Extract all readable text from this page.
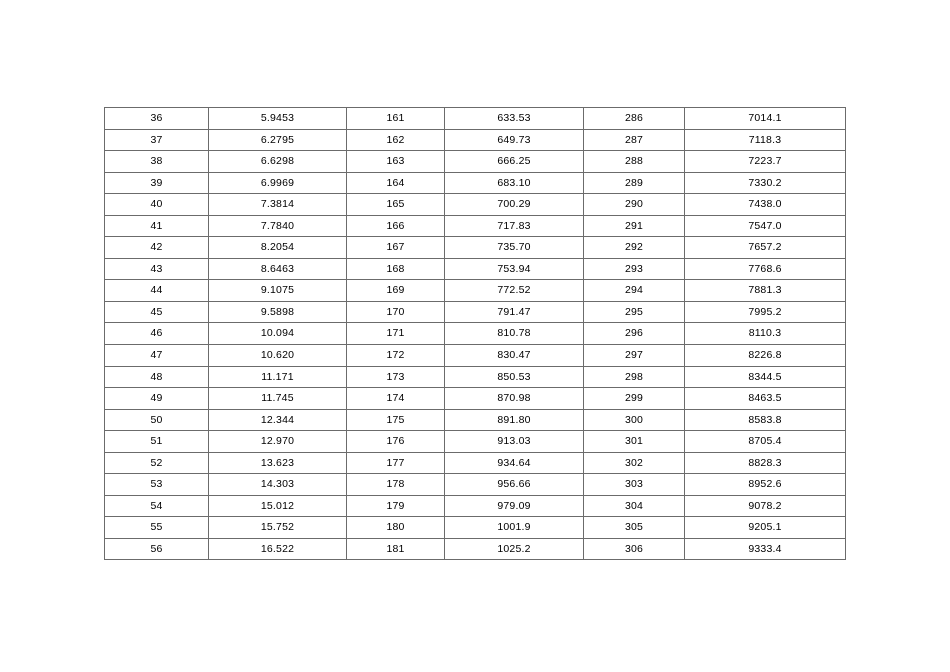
36	5.9453	161	633.53	286	7014.1
37	6.2795	162	649.73	287	7118.3
38	6.6298	163	666.25	288	7223.7
39	6.9969	164	683.10	289	7330.2
40	7.3814	165	700.29	290	7438.0
41	7.7840	166	717.83	291	7547.0
42	8.2054	167	735.70	292	7657.2
43	8.6463	168	753.94	293	7768.6
44	9.1075	169	772.52	294	7881.3
45	9.5898	170	791.47	295	7995.2
46	10.094	171	810.78	296	8110.3
47	10.620	172	830.47	297	8226.8
48	11.171	173	850.53	298	8344.5
49	11.745	174	870.98	299	8463.5
50	12.344	175	891.80	300	8583.8
51	12.970	176	913.03	301	8705.4
52	13.623	177	934.64	302	8828.3
53	14.303	178	956.66	303	8952.6
54	15.012	179	979.09	304	9078.2
55	15.752	180	1001.9	305	9205.1
56	16.522	181	1025.2	306	9333.4
